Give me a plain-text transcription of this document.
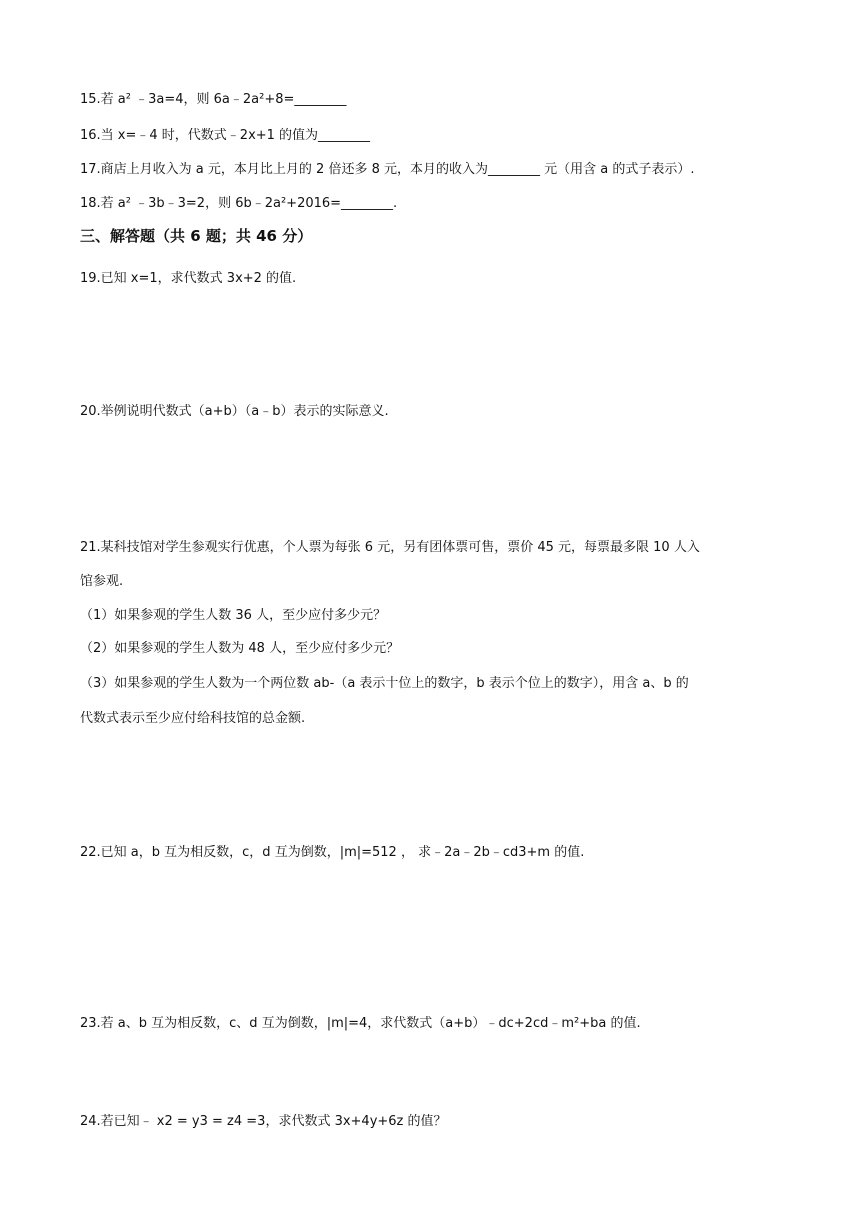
15.若 a² ﹣3a=4，则 6a﹣2a²+8=________
16.当 x=﹣4 时，代数式﹣2x+1 的值为________
17.商店上月收入为 a 元，本月比上月的 2 倍还多 8 元，本月的收入为________ 元（用含 a 的式子表示）.
18.若 a² ﹣3b﹣3=2，则 6b﹣2a²+2016=________.
三、解答题（共 6 题；共 46 分）
19.已知 x=1，求代数式 3x+2 的值.
20.举例说明代数式（a+b）（a﹣b）表示的实际意义.
21.某科技馆对学生参观实行优惠，个人票为每张 6 元，另有团体票可售，票价 45 元，每票最多限 10 人入
馆参观.
（1）如果参观的学生人数 36 人，至少应付多少元？
（2）如果参观的学生人数为 48 人，至少应付多少元？
（3）如果参观的学生人数为一个两位数 ab-（a 表示十位上的数字，b 表示个位上的数字），用含 a、b 的
代数式表示至少应付给科技馆的总金额.
22.已知 a，b 互为相反数，c，d 互为倒数，|m|=512 ， 求﹣2a﹣2b﹣cd3+m 的值.
23.若 a、b 互为相反数，c、d 互为倒数，|m|=4，求代数式（a+b）﹣dc+2cd﹣m²+ba 的值.
24.若已知﹣ x2 = y3 = z4 =3，求代数式 3x+4y+6z 的值？
